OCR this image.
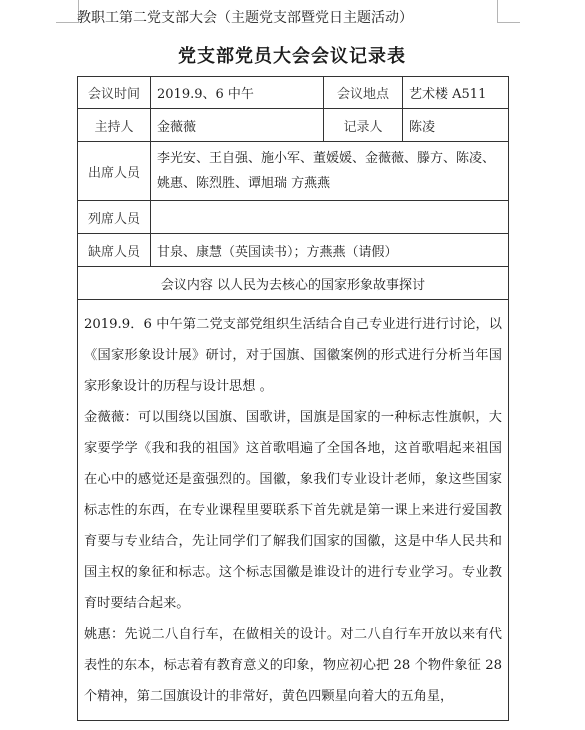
教职工第二党支部大会（主题党支部暨党日主题活动）
党支部党员大会会议记录表
会议时间	2019.9、6 中午	会议地点	艺术楼 A511
主持人	金薇薇	记录人	陈凌
出席人员	李光安、王自强、施小军、董媛媛、金薇薇、滕方、陈凌、姚惠、陈烈胜、谭旭瑞 方燕燕		
列席人员			
缺席人员	甘泉、康慧（英国读书）；方燕燕（请假）		
会议内容 以人民为去核心的国家形象故事探讨			

2019.9．6 中午第二党支部党组织生活结合自己专业进行进行讨论，以《国家形象设计展》研讨，对于国旗、国徽案例的形式进行分析当年国家形象设计的历程与设计思想 。

金薇薇：可以围绕以国旗、国歌讲，国旗是国家的一种标志性旗帜，大家要学学《我和我的祖国》这首歌唱遍了全国各地，这首歌唱起来祖国在心中的感觉还是蛮强烈的。国徽，象我们专业设计老师，象这些国家标志性的东西，在专业课程里要联系下首先就是第一课上来进行爱国教育要与专业结合，先让同学们了解我们国家的国徽，这是中华人民共和国主权的象征和标志。这个标志国徽是谁设计的进行专业学习。专业教育时要结合起来。

姚惠：先说二八自行车，在做相关的设计。对二八自行车开放以来有代表性的东本，标志着有教育意义的印象，物应初心把 28 个物件象征 28 个精神，第二国旗设计的非常好，黄色四颗星向着大的五角星，			
